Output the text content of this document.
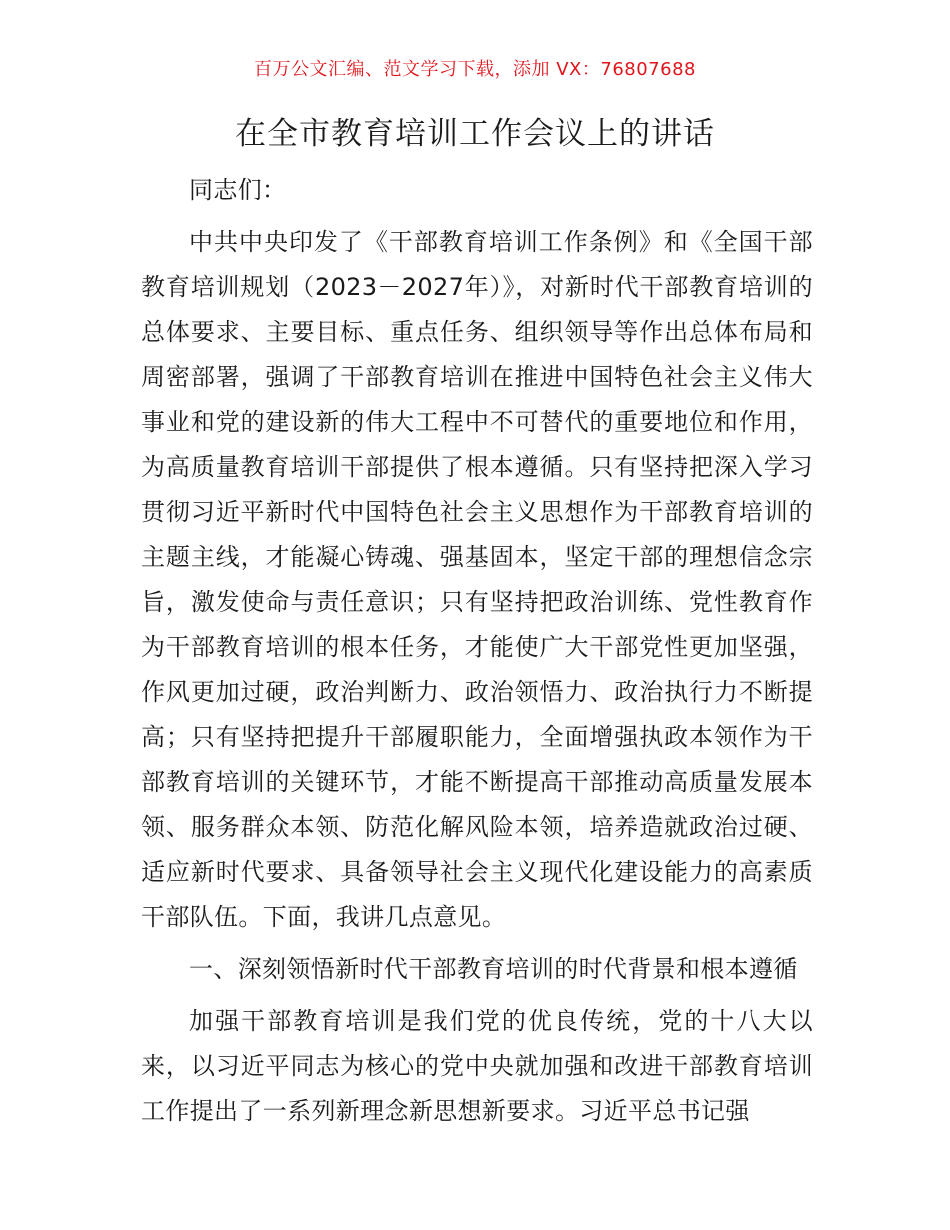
百万公文汇编、范文学习下载，添加 VX：76807688
在全市教育培训工作会议上的讲话

同志们：

中共中央印发了《干部教育培训工作条例》和《全国干部教育培训规划（2023－2027年）》，对新时代干部教育培训的总体要求、主要目标、重点任务、组织领导等作出总体布局和周密部署，强调了干部教育培训在推进中国特色社会主义伟大事业和党的建设新的伟大工程中不可替代的重要地位和作用，为高质量教育培训干部提供了根本遵循。只有坚持把深入学习贯彻习近平新时代中国特色社会主义思想作为干部教育培训的主题主线，才能凝心铸魂、强基固本，坚定干部的理想信念宗旨，激发使命与责任意识；只有坚持把政治训练、党性教育作为干部教育培训的根本任务，才能使广大干部党性更加坚强，作风更加过硬，政治判断力、政治领悟力、政治执行力不断提高；只有坚持把提升干部履职能力，全面增强执政本领作为干部教育培训的关键环节，才能不断提高干部推动高质量发展本领、服务群众本领、防范化解风险本领，培养造就政治过硬、适应新时代要求、具备领导社会主义现代化建设能力的高素质干部队伍。下面，我讲几点意见。

一、深刻领悟新时代干部教育培训的时代背景和根本遵循

加强干部教育培训是我们党的优良传统，党的十八大以来，以习近平同志为核心的党中央就加强和改进干部教育培训工作提出了一系列新理念新思想新要求。习近平总书记强
